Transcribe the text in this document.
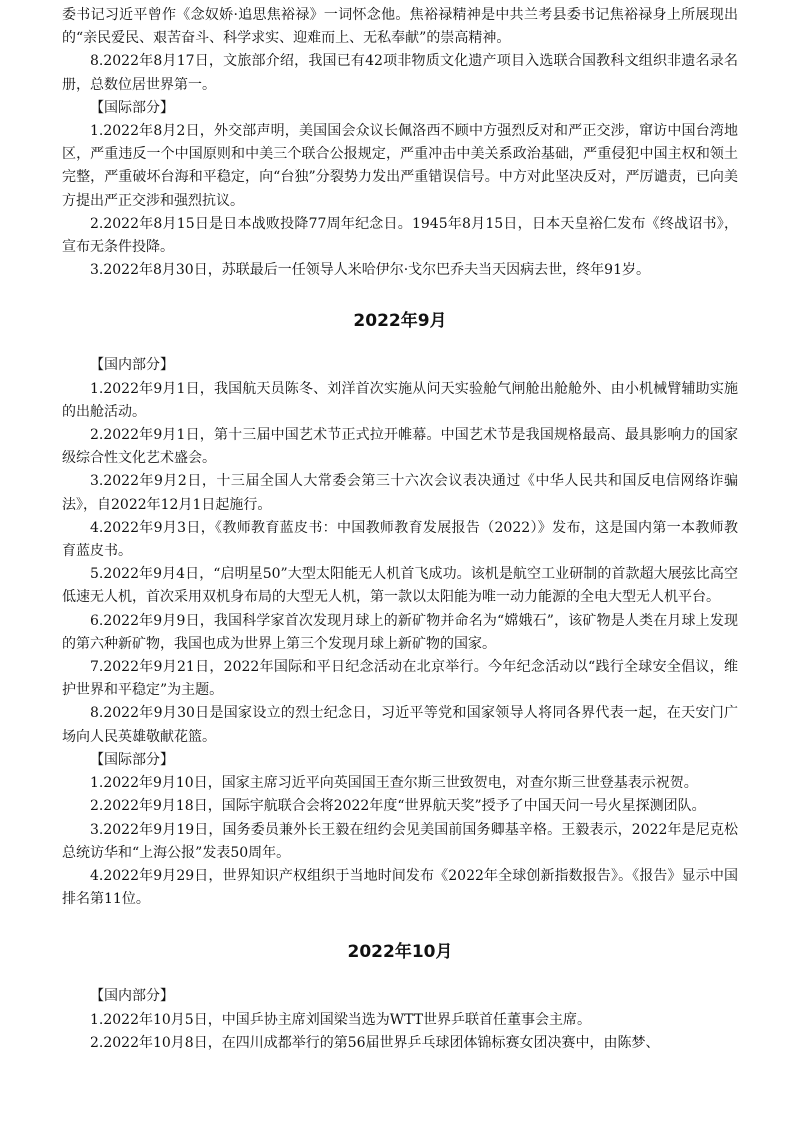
委书记习近平曾作《念奴娇·追思焦裕禄》一词怀念他。焦裕禄精神是中共兰考县委书记焦裕禄身上所展现出的“亲民爱民、艰苦奋斗、科学求实、迎难而上、无私奉献”的崇高精神。

8.2022年8月17日，文旅部介绍，我国已有42项非物质文化遗产项目入选联合国教科文组织非遗名录名册，总数位居世界第一。

【国际部分】

1.2022年8月2日，外交部声明，美国国会众议长佩洛西不顾中方强烈反对和严正交涉，窜访中国台湾地区，严重违反一个中国原则和中美三个联合公报规定，严重冲击中美关系政治基础，严重侵犯中国主权和领土完整，严重破坏台海和平稳定，向“台独”分裂势力发出严重错误信号。中方对此坚决反对，严厉谴责，已向美方提出严正交涉和强烈抗议。

2.2022年8月15日是日本战败投降77周年纪念日。1945年8月15日，日本天皇裕仁发布《终战诏书》，宣布无条件投降。

3.2022年8月30日，苏联最后一任领导人米哈伊尔·戈尔巴乔夫当天因病去世，终年91岁。

2022年9月

【国内部分】

1.2022年9月1日，我国航天员陈冬、刘洋首次实施从问天实验舱气闸舱出舱舱外、由小机械臂辅助实施的出舱活动。

2.2022年9月1日，第十三届中国艺术节正式拉开帷幕。中国艺术节是我国规格最高、最具影响力的国家级综合性文化艺术盛会。

3.2022年9月2日，十三届全国人大常委会第三十六次会议表决通过《中华人民共和国反电信网络诈骗法》，自2022年12月1日起施行。

4.2022年9月3日，《教师教育蓝皮书：中国教师教育发展报告（2022）》发布，这是国内第一本教师教育蓝皮书。

5.2022年9月4日，“启明星50”大型太阳能无人机首飞成功。该机是航空工业研制的首款超大展弦比高空低速无人机，首次采用双机身布局的大型无人机，第一款以太阳能为唯一动力能源的全电大型无人机平台。

6.2022年9月9日，我国科学家首次发现月球上的新矿物并命名为“嫦娥石”，该矿物是人类在月球上发现的第六种新矿物，我国也成为世界上第三个发现月球上新矿物的国家。

7.2022年9月21日，2022年国际和平日纪念活动在北京举行。今年纪念活动以“践行全球安全倡议，维护世界和平稳定”为主题。

8.2022年9月30日是国家设立的烈士纪念日，习近平等党和国家领导人将同各界代表一起，在天安门广场向人民英雄敬献花篮。

【国际部分】

1.2022年9月10日，国家主席习近平向英国国王查尔斯三世致贺电，对查尔斯三世登基表示祝贺。

2.2022年9月18日，国际宇航联合会将2022年度“世界航天奖”授予了中国天问一号火星探测团队。

3.2022年9月19日，国务委员兼外长王毅在纽约会见美国前国务卿基辛格。王毅表示，2022年是尼克松总统访华和“上海公报”发表50周年。

4.2022年9月29日，世界知识产权组织于当地时间发布《2022年全球创新指数报告》。《报告》显示中国排名第11位。

2022年10月

【国内部分】

1.2022年10月5日，中国乒协主席刘国梁当选为WTT世界乒联首任董事会主席。

2.2022年10月8日，在四川成都举行的第56届世界乒乓球团体锦标赛女团决赛中，由陈梦、
